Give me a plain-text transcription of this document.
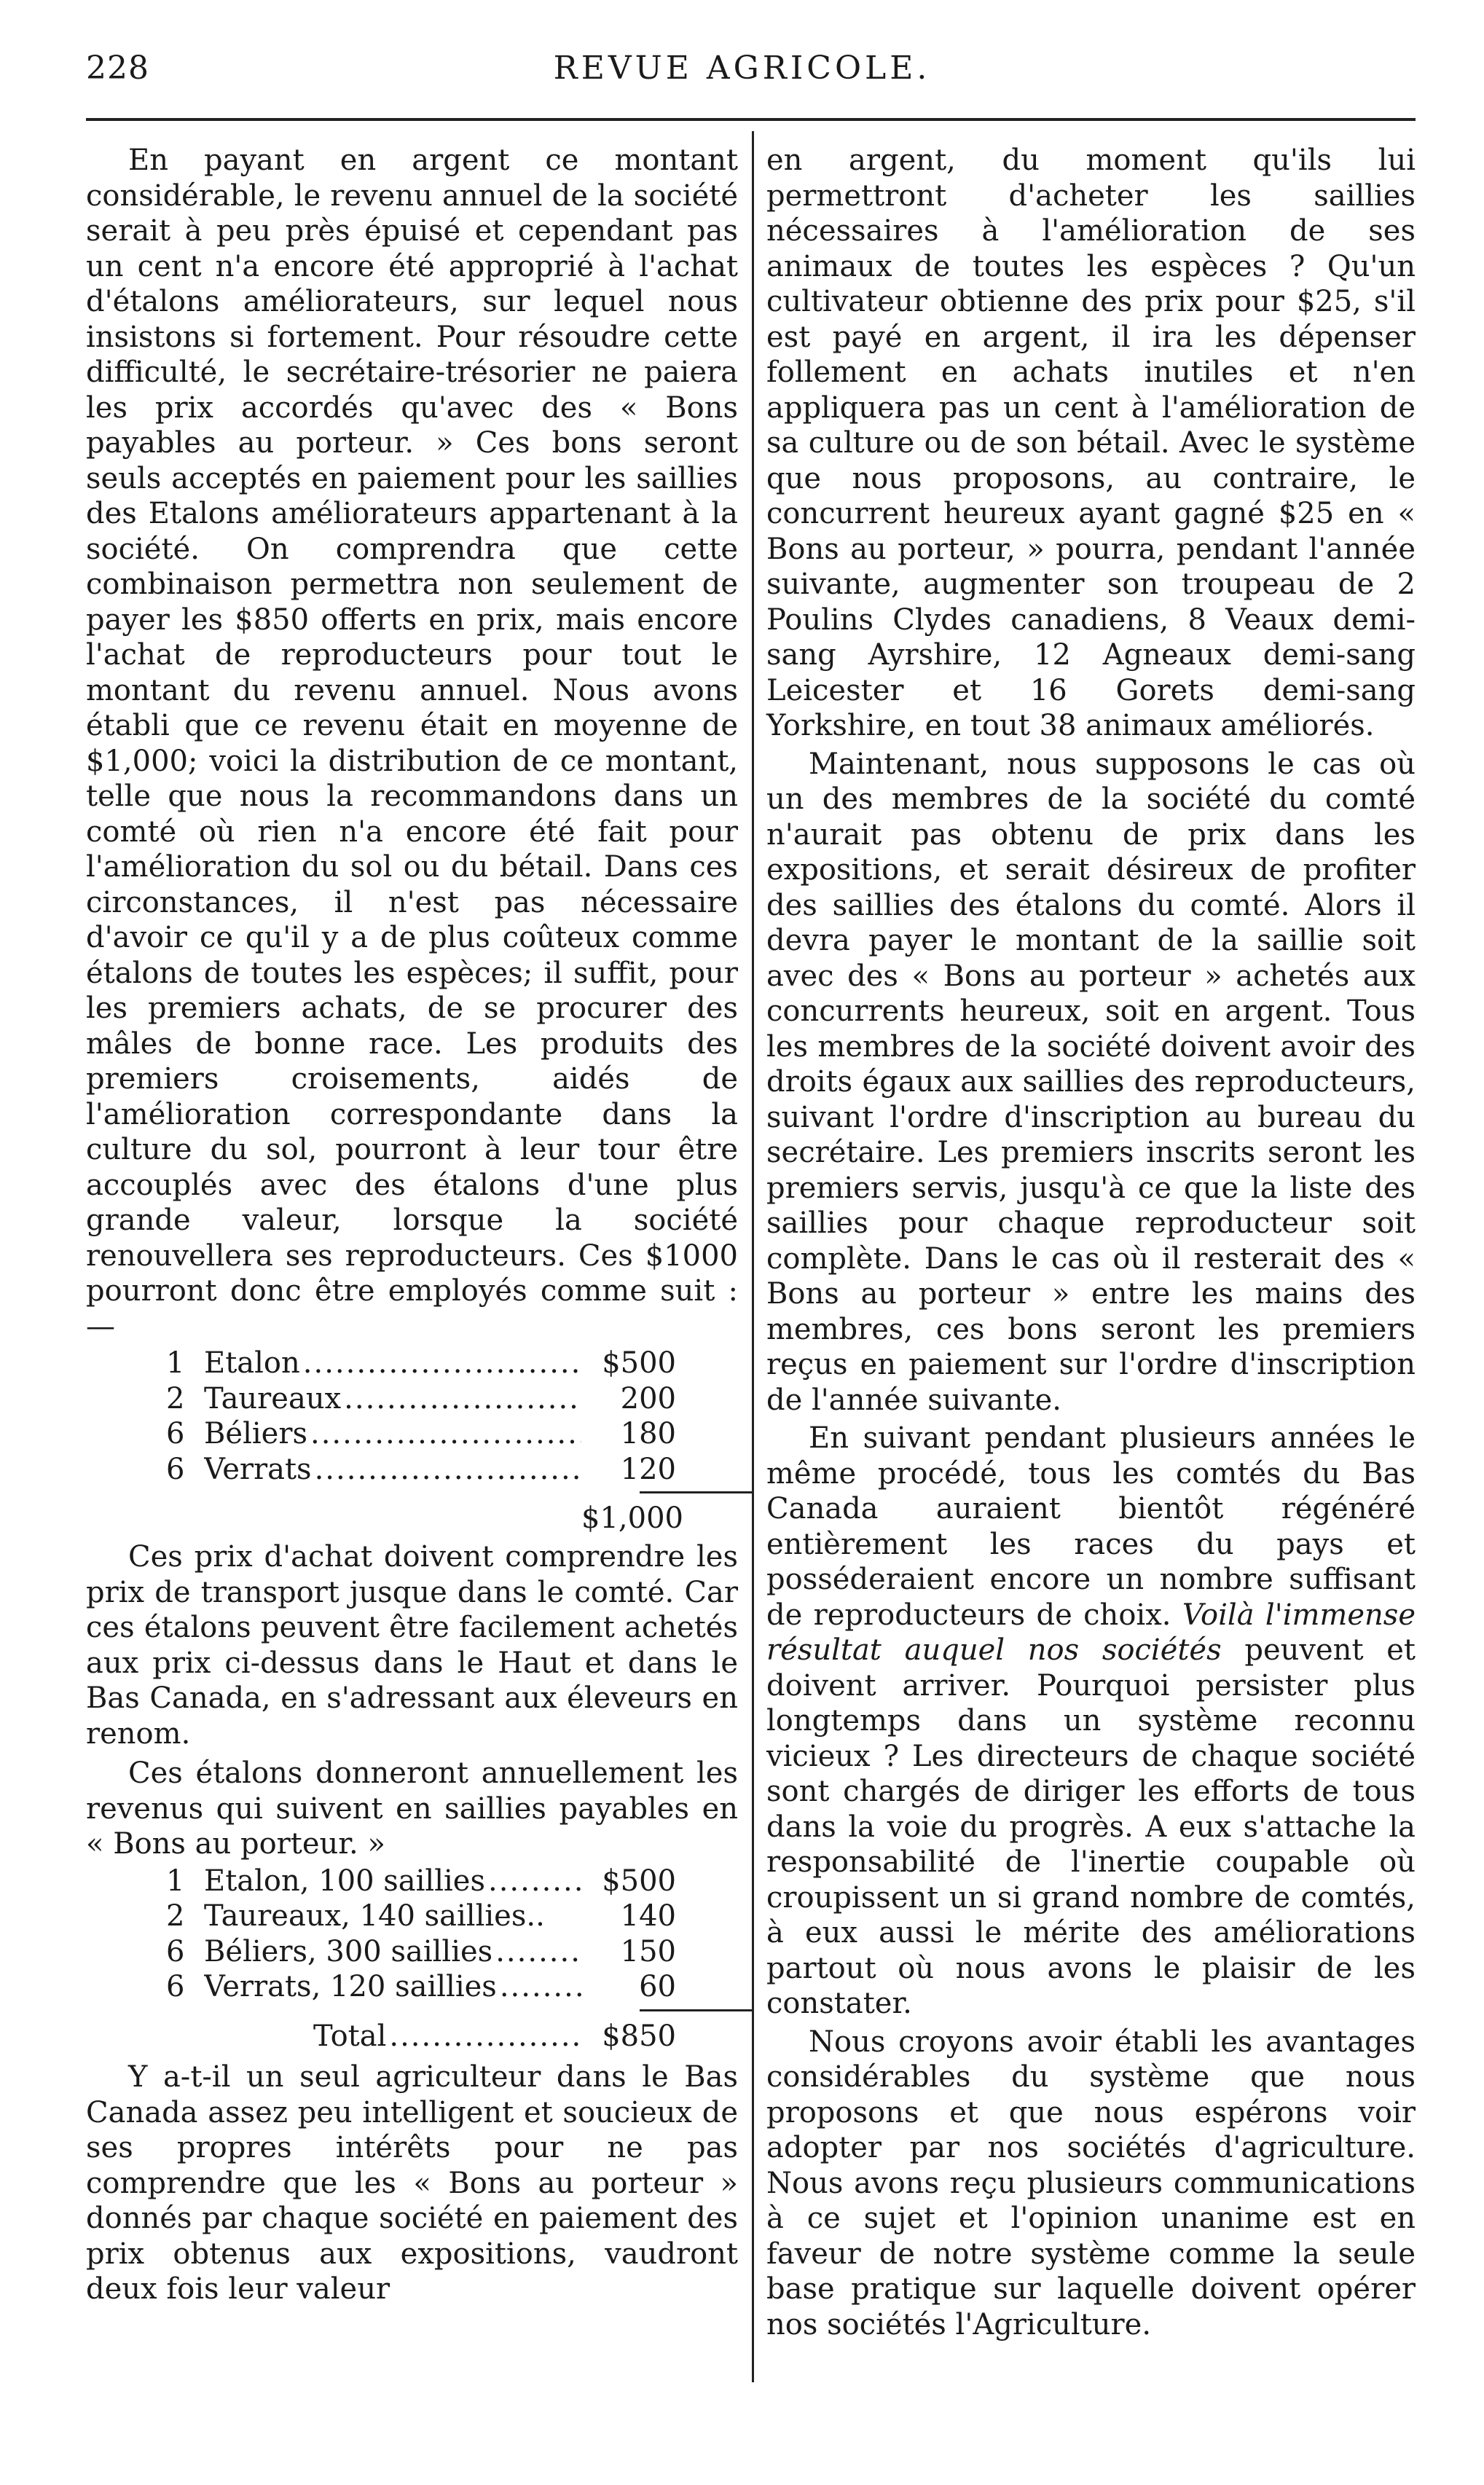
228	REVUE AGRICOLE.

En payant en argent ce montant considérable, le revenu annuel de la société serait à peu près épuisé et cependant pas un cent n'a encore été approprié à l'achat d'étalons améliorateurs, sur lequel nous insistons si fortement. Pour résoudre cette difficulté, le secrétaire-trésorier ne paiera les prix accordés qu'avec des « Bons payables au porteur. » Ces bons seront seuls acceptés en paiement pour les saillies des Etalons améliorateurs appartenant à la société. On comprendra que cette combinaison permettra non seulement de payer les $850 offerts en prix, mais encore l'achat de reproducteurs pour tout le montant du revenu annuel. Nous avons établi que ce revenu était en moyenne de $1,000; voici la distribution de ce montant, telle que nous la recommandons dans un comté où rien n'a encore été fait pour l'amélioration du sol ou du bétail. Dans ces circonstances, il n'est pas nécessaire d'avoir ce qu'il y a de plus coûteux comme étalons de toutes les espèces; il suffit, pour les premiers achats, de se procurer des mâles de bonne race. Les produits des premiers croisements, aidés de l'amélioration correspondante dans la culture du sol, pourront à leur tour être accouplés avec des étalons d'une plus grande valeur, lorsque la société renouvellera ses reproducteurs. Ces $1000 pourront donc être employés comme suit :—

1 Etalon .....	$500
2 Taureaux .....	200
6 Béliers .....	180
6 Verrats .....	120
$1,000

Ces prix d'achat doivent comprendre les prix de transport jusque dans le comté. Car ces étalons peuvent être facilement achetés aux prix ci-dessus dans le Haut et dans le Bas Canada, en s'adressant aux éleveurs en renom.

Ces étalons donneront annuellement les revenus qui suivent en saillies payables en « Bons au porteur. »

1 Etalon, 100 saillies .....	$500
2 Taureaux, 140 saillies..	140
6 Béliers, 300 saillies .....	150
6 Verrats, 120 saillies .....	60
Total .....	$850

Y a-t-il un seul agriculteur dans le Bas Canada assez peu intelligent et soucieux de ses propres intérêts pour ne pas comprendre que les « Bons au porteur » donnés par chaque société en paiement des prix obtenus aux expositions, vaudront deux fois leur valeur

en argent, du moment qu'ils lui permettront d'acheter les saillies nécessaires à l'amélioration de ses animaux de toutes les espèces ? Qu'un cultivateur obtienne des prix pour $25, s'il est payé en argent, il ira les dépenser follement en achats inutiles et n'en appliquera pas un cent à l'amélioration de sa culture ou de son bétail. Avec le système que nous proposons, au contraire, le concurrent heureux ayant gagné $25 en « Bons au porteur, » pourra, pendant l'année suivante, augmenter son troupeau de 2 Poulins Clydes canadiens, 8 Veaux demi-sang Ayrshire, 12 Agneaux demi-sang Leicester et 16 Gorets demi-sang Yorkshire, en tout 38 animaux améliorés.

Maintenant, nous supposons le cas où un des membres de la société du comté n'aurait pas obtenu de prix dans les expositions, et serait désireux de profiter des saillies des étalons du comté. Alors il devra payer le montant de la saillie soit avec des « Bons au porteur » achetés aux concurrents heureux, soit en argent. Tous les membres de la société doivent avoir des droits égaux aux saillies des reproducteurs, suivant l'ordre d'inscription au bureau du secrétaire. Les premiers inscrits seront les premiers servis, jusqu'à ce que la liste des saillies pour chaque reproducteur soit complète. Dans le cas où il resterait des « Bons au porteur » entre les mains des membres, ces bons seront les premiers reçus en paiement sur l'ordre d'inscription de l'année suivante.

En suivant pendant plusieurs années le même procédé, tous les comtés du Bas Canada auraient bientôt régénéré entièrement les races du pays et posséderaient encore un nombre suffisant de reproducteurs de choix. Voilà l'immense résultat auquel nos sociétés peuvent et doivent arriver. Pourquoi persister plus longtemps dans un système reconnu vicieux ? Les directeurs de chaque société sont chargés de diriger les efforts de tous dans la voie du progrès. A eux s'attache la responsabilité de l'inertie coupable où croupissent un si grand nombre de comtés, à eux aussi le mérite des améliorations partout où nous avons le plaisir de les constater.

Nous croyons avoir établi les avantages considérables du système que nous proposons et que nous espérons voir adopter par nos sociétés d'agriculture. Nous avons reçu plusieurs communications à ce sujet et l'opinion unanime est en faveur de notre système comme la seule base pratique sur laquelle doivent opérer nos sociétés l'Agriculture.
